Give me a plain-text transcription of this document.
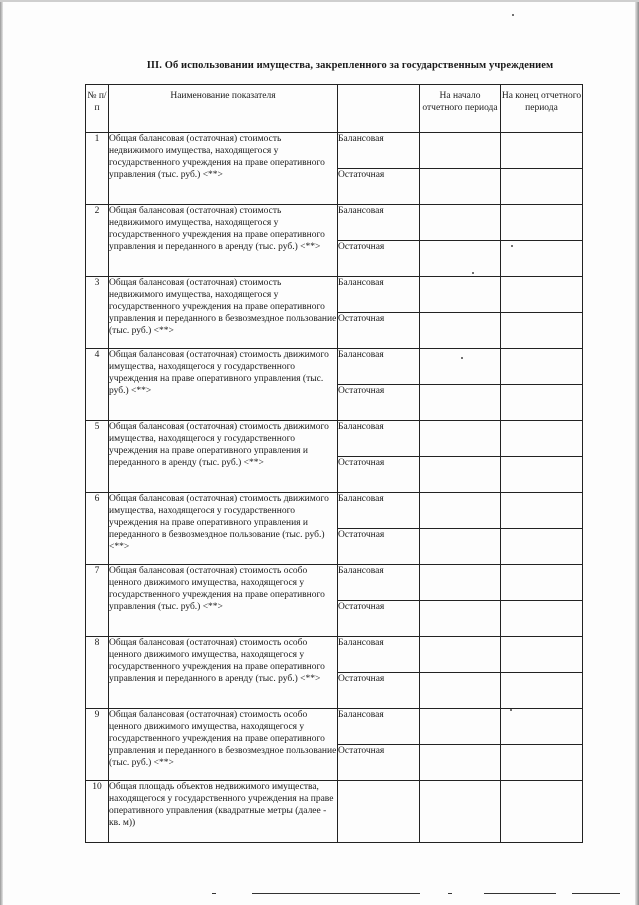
III. Об использовании имущества, закрепленного за государственным учреждением
№ п/п	Наименование показателя		На начало отчетного периода	На конец отчетного периода
1	Общая балансовая (остаточная) стоимость недвижимого имущества, находящегося у государственного учреждения на праве оперативного управления (тыс. руб.) <**>	Балансовая		
		Остаточная		
2	Общая балансовая (остаточная) стоимость недвижимого имущества, находящегося у государственного учреждения на праве оперативного управления и переданного в аренду (тыс. руб.) <**>	Балансовая		
		Остаточная		
3	Общая балансовая (остаточная) стоимость недвижимого имущества, находящегося у государственного учреждения на праве оперативного управления и переданного в безвозмездное пользование (тыс. руб.) <**>	Балансовая		
		Остаточная		
4	Общая балансовая (остаточная) стоимость движимого имущества, находящегося у государственного учреждения на праве оперативного управления (тыс. руб.) <**>	Балансовая		
		Остаточная		
5	Общая балансовая (остаточная) стоимость движимого имущества, находящегося у государственного учреждения на праве оперативного управления и переданного в аренду (тыс. руб.) <**>	Балансовая		
		Остаточная		
6	Общая балансовая (остаточная) стоимость движимого имущества, находящегося у государственного учреждения на праве оперативного управления и переданного в безвозмездное пользование (тыс. руб.) <**>	Балансовая		
		Остаточная		
7	Общая балансовая (остаточная) стоимость особо ценного движимого имущества, находящегося у государственного учреждения на праве оперативного управления (тыс. руб.) <**>	Балансовая		
		Остаточная		
8	Общая балансовая (остаточная) стоимость особо ценного движимого имущества, находящегося у государственного учреждения на праве оперативного управления и переданного в аренду (тыс. руб.) <**>	Балансовая		
		Остаточная		
9	Общая балансовая (остаточная) стоимость особо ценного движимого имущества, находящегося у государственного учреждения на праве оперативного управления и переданного в безвозмездное пользование (тыс. руб.) <**>	Балансовая		
		Остаточная		
10	Общая площадь объектов недвижимого имущества, находящегося у государственного учреждения на праве оперативного управления (квадратные метры (далее - кв. м))			
